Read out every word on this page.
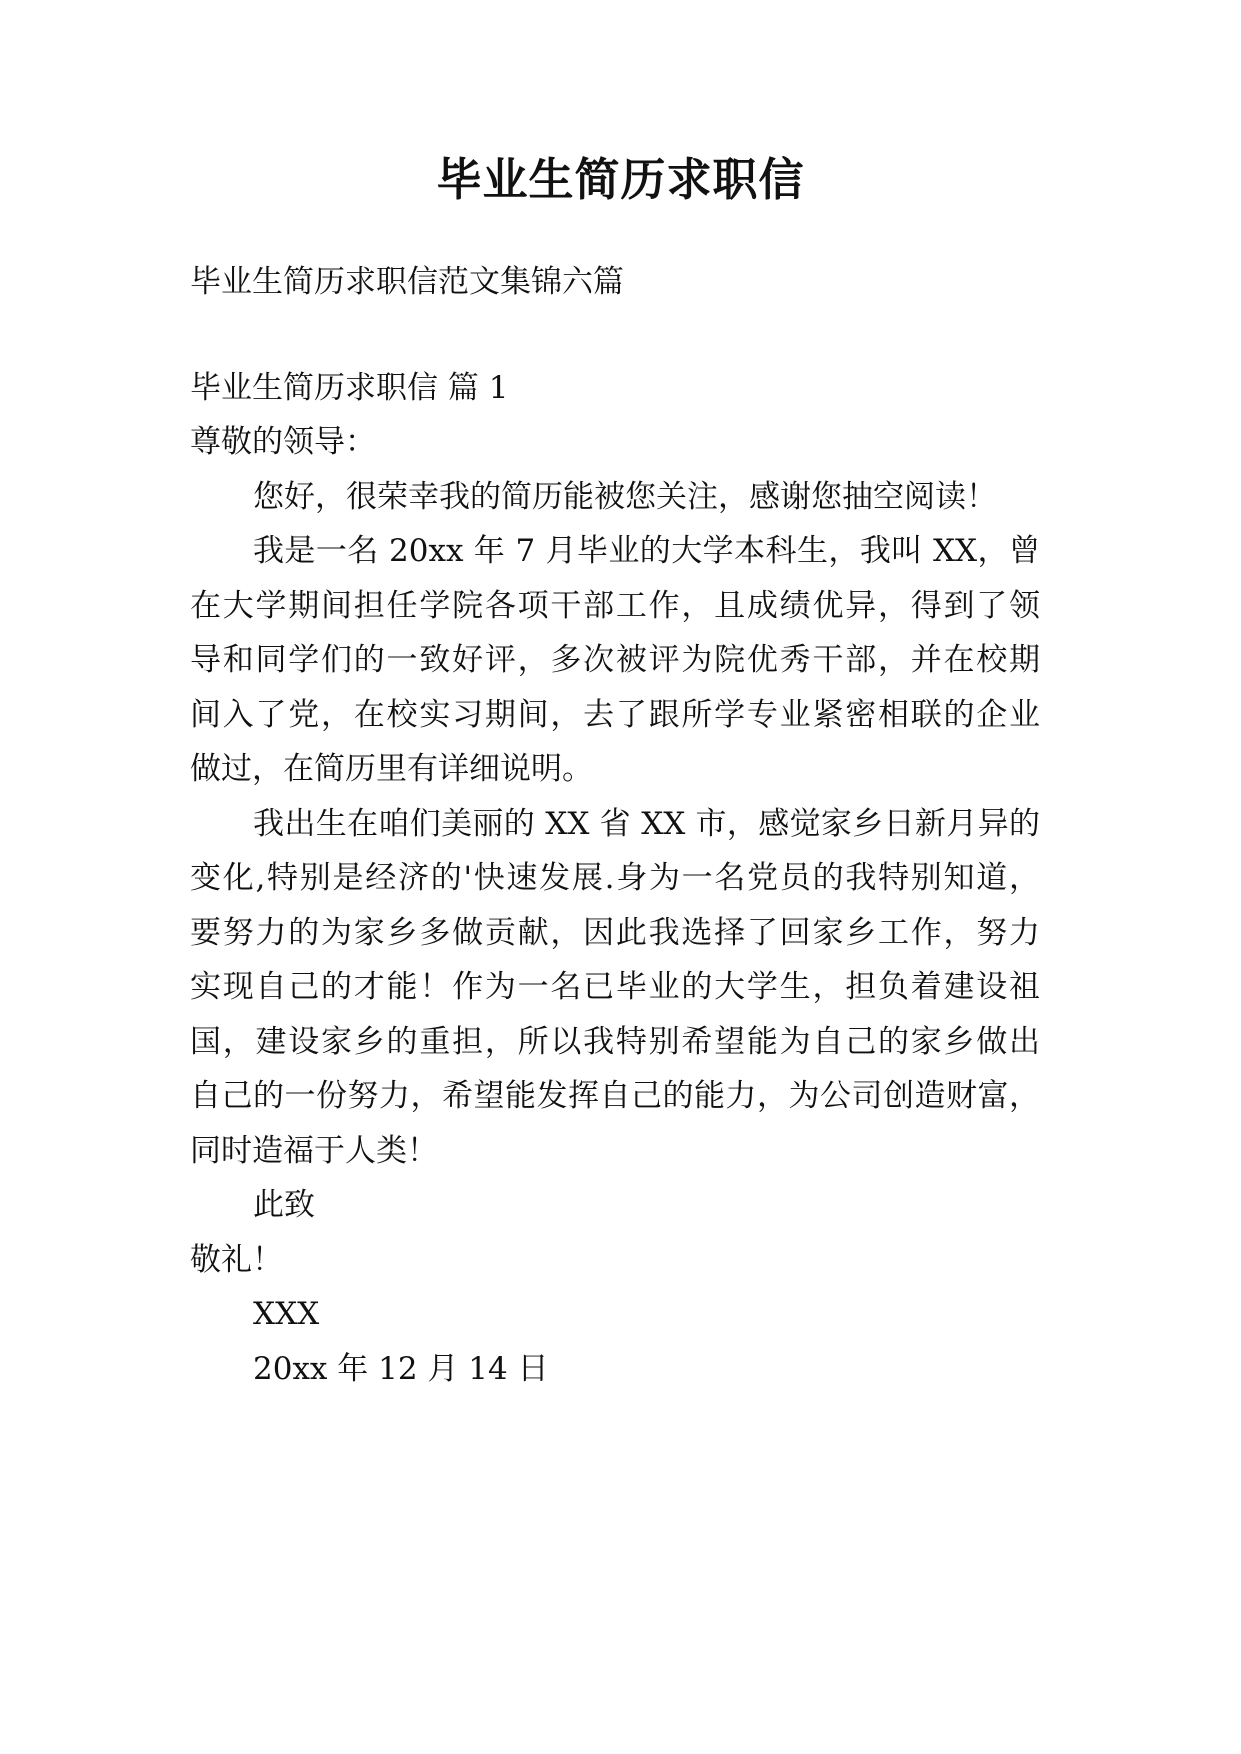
毕业生简历求职信

毕业生简历求职信范文集锦六篇

毕业生简历求职信 篇 1

尊敬的领导：

您好，很荣幸我的简历能被您关注，感谢您抽空阅读！

我是一名 20xx 年 7 月毕业的大学本科生，我叫 XX，曾

在大学期间担任学院各项干部工作，且成绩优异，得到了领

导和同学们的一致好评，多次被评为院优秀干部，并在校期

间入了党，在校实习期间，去了跟所学专业紧密相联的企业

做过，在简历里有详细说明。

我出生在咱们美丽的 XX 省 XX 市，感觉家乡日新月异的

变化,特别是经济的'快速发展.身为一名党员的我特别知道，

要努力的为家乡多做贡献，因此我选择了回家乡工作，努力

实现自己的才能！作为一名已毕业的大学生，担负着建设祖

国，建设家乡的重担，所以我特别希望能为自己的家乡做出

自己的一份努力，希望能发挥自己的能力，为公司创造财富，

同时造福于人类！

此致

敬礼！

XXX

20xx 年 12 月 14 日
